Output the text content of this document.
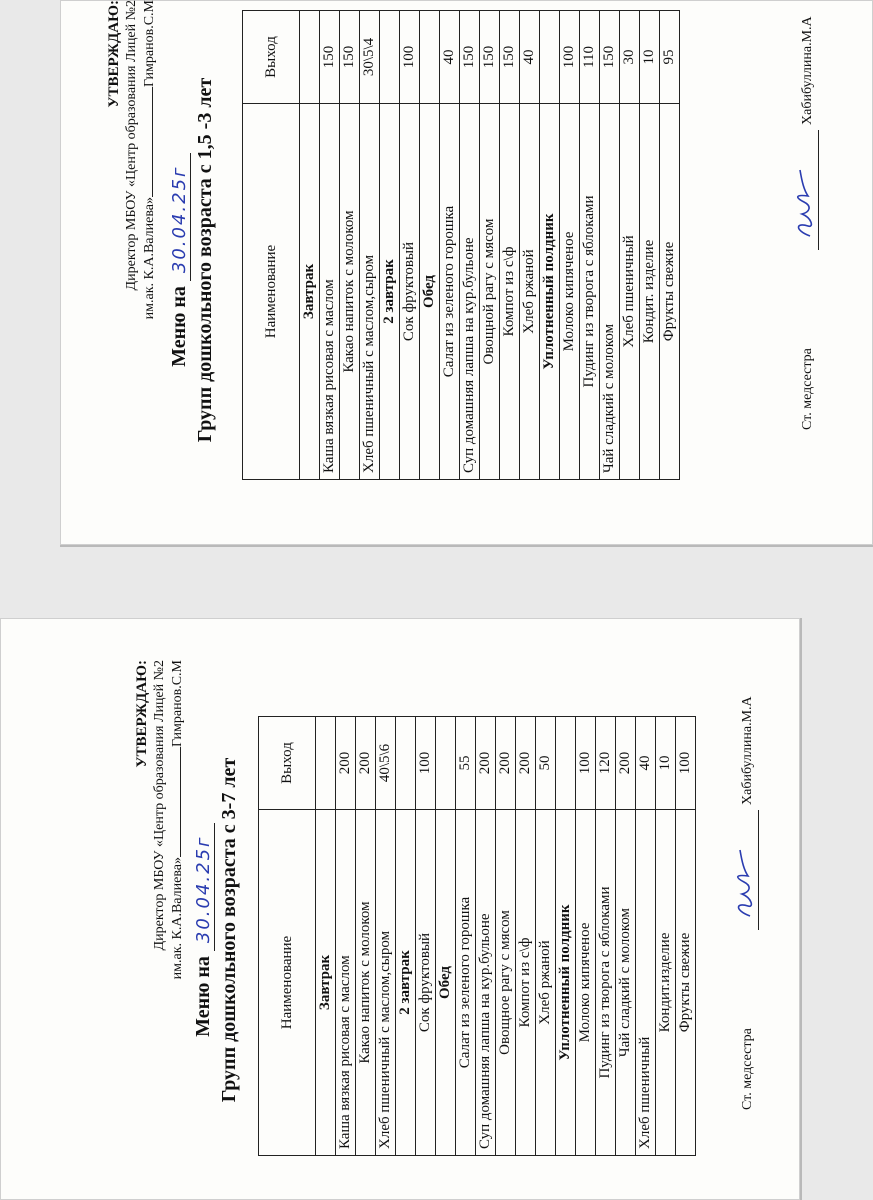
УТВЕРЖДАЮ: Директор МБОУ «Центр образования Лицей №2 им.ак. К.А.Валиева»Гимранов.С.М
Меню на 30.04.25г Групп дошкольного возраста с 1,5 -3 лет	Наименование	Выход
Завтрак	
Каша вязкая рисовая с маслом	150
Какао напиток с молоком	150
Хлеб пшеничный с маслом,сыром	30\5\4
2 завтрак	
Сок фруктовый	100
Обед	
Салат из зеленого горошка	40
Суп домашняя лапша на кур.бульоне	150
Овощной рагу с мясом	150
Компот из с\ф	150
Хлеб ржаной	40
Уплотненный полдник	
Молоко кипяченое	100
Пудинг из творога с яблоками	110
Чай сладкий с молоком	150
Хлеб пшеничный	30
Кондит. изделие	10
Фрукты свежие	95
Ст. медсестра
Хабибуллина.М.А
УТВЕРЖДАЮ: Директор МБОУ «Центр образования Лицей №2 им.ак. К.А.Валиева»Гимранов.С.М
Меню на 30.04.25г Групп дошкольного возраста с 3-7 лет	Наименование	Выход
Завтрак	
Каша вязкая рисовая с маслом	200
Какао напиток с молоком	200
Хлеб пшеничный с маслом,сыром	40\5\6
2 завтрак	
Сок фруктовый	100
Обед	
Салат из зеленого горошка	55
Суп домашняя лапша на кур.бульоне	200
Овощное рагу с мясом	200
Компот из с\ф	200
Хлеб ржаной	50
Уплотненный полдник	
Молоко кипяченое	100
Пудинг из творога с яблоками	120
Чай сладкий с молоком	200
Хлеб пшеничный	40
Кондит.изделие	10
Фрукты свежие	100
Ст. медсестра
Хабибуллина.М.А
